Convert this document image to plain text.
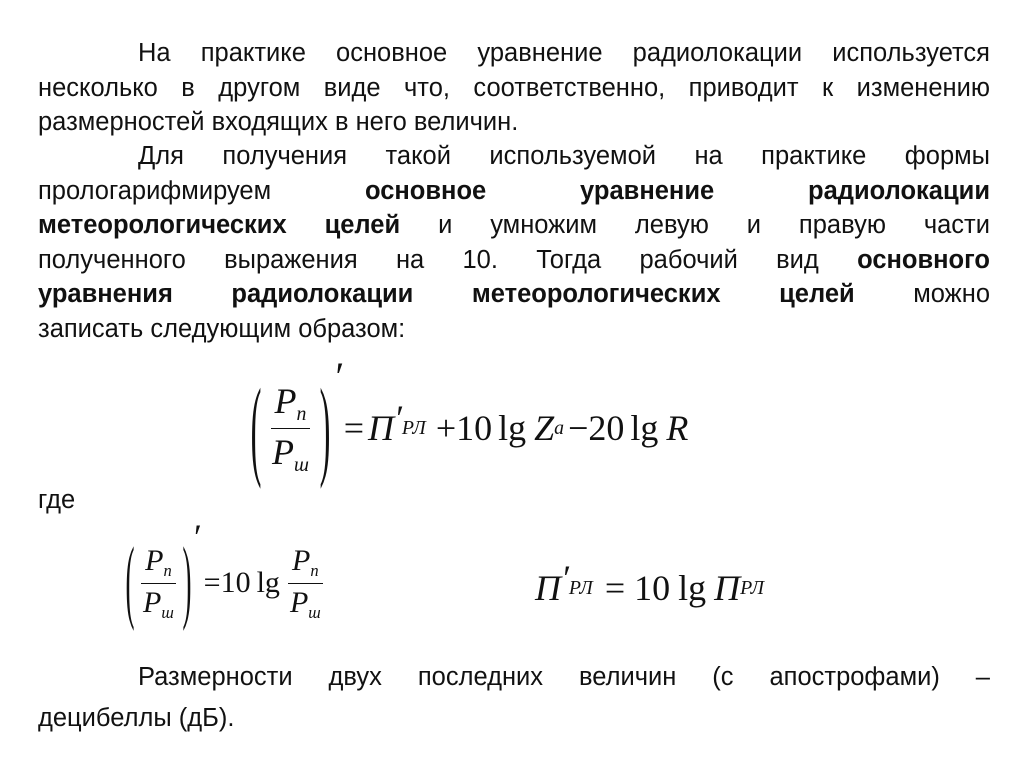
На практике основное уравнение радиолокации используется
несколько в другом виде что, соответственно, приводит к изменению
размерностей входящих в него величин.
Для получения такой используемой на практике формы
прологарифмируем	основное уравнение радиолокации
метеорологических целей и умножим левую и правую части
полученного выражения на 10. Тогда рабочий вид основного
уравнения радиолокации метеорологических целей можно
записать следующим образом:
( $\frac{P_n}{P_ш}$ ) ′
= П ′ РЛ +10 lg Z a −20 lg R
где
( $\frac{P_n}{P_ш}$ ) ′
=10 $\lg \frac{P_n}{P_ш}$	П ′ РЛ = 10 lg П РЛ
Размерности двух последних величин (с апострофами) –
децибеллы (дБ).
